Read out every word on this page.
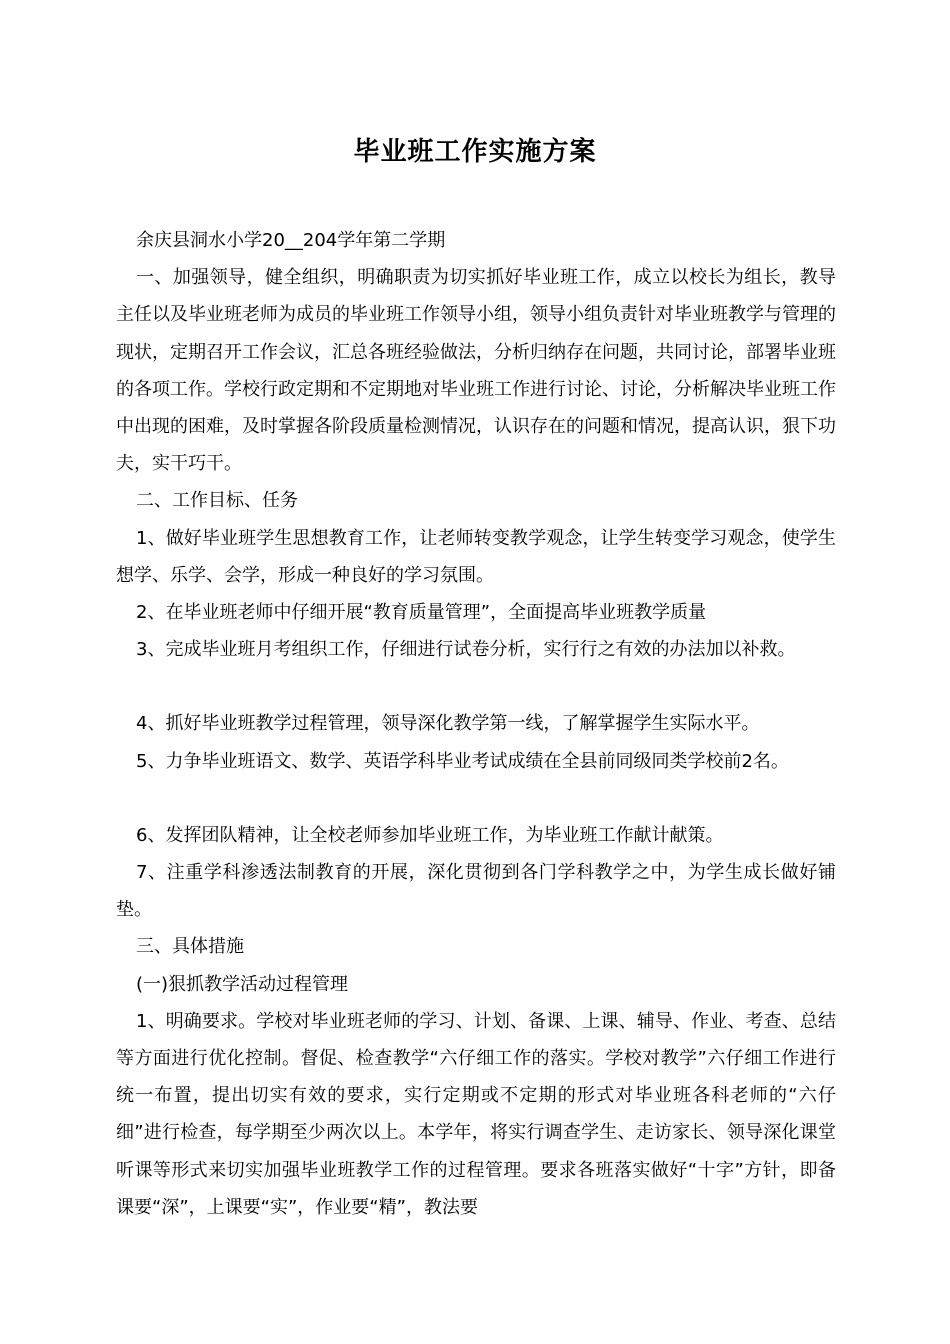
毕业班工作实施方案

余庆县洞水小学20__204学年第二学期

一、加强领导，健全组织，明确职责为切实抓好毕业班工作，成立以校长为组长，教导主任以及毕业班老师为成员的毕业班工作领导小组，领导小组负责针对毕业班教学与管理的现状，定期召开工作会议，汇总各班经验做法，分析归纳存在问题，共同讨论，部署毕业班的各项工作。学校行政定期和不定期地对毕业班工作进行讨论、讨论，分析解决毕业班工作中出现的困难，及时掌握各阶段质量检测情况，认识存在的问题和情况，提高认识，狠下功夫，实干巧干。

二、工作目标、任务

1、做好毕业班学生思想教育工作，让老师转变教学观念，让学生转变学习观念，使学生想学、乐学、会学，形成一种良好的学习氛围。

2、在毕业班老师中仔细开展“教育质量管理”，全面提高毕业班教学质量

3、完成毕业班月考组织工作，仔细进行试卷分析，实行行之有效的办法加以补救。

4、抓好毕业班教学过程管理，领导深化教学第一线，了解掌握学生实际水平。

5、力争毕业班语文、数学、英语学科毕业考试成绩在全县前同级同类学校前2名。

6、发挥团队精神，让全校老师参加毕业班工作，为毕业班工作献计献策。

7、注重学科渗透法制教育的开展，深化贯彻到各门学科教学之中，为学生成长做好铺垫。

三、具体措施

(一)狠抓教学活动过程管理

1、明确要求。学校对毕业班老师的学习、计划、备课、上课、辅导、作业、考查、总结等方面进行优化控制。督促、检查教学“六仔细工作的落实。学校对教学”六仔细工作进行统一布置，提出切实有效的要求，实行定期或不定期的形式对毕业班各科老师的“六仔细”进行检查，每学期至少两次以上。本学年，将实行调查学生、走访家长、领导深化课堂听课等形式来切实加强毕业班教学工作的过程管理。要求各班落实做好“十字”方针，即备课要“深”，上课要“实”，作业要“精”，教法要
